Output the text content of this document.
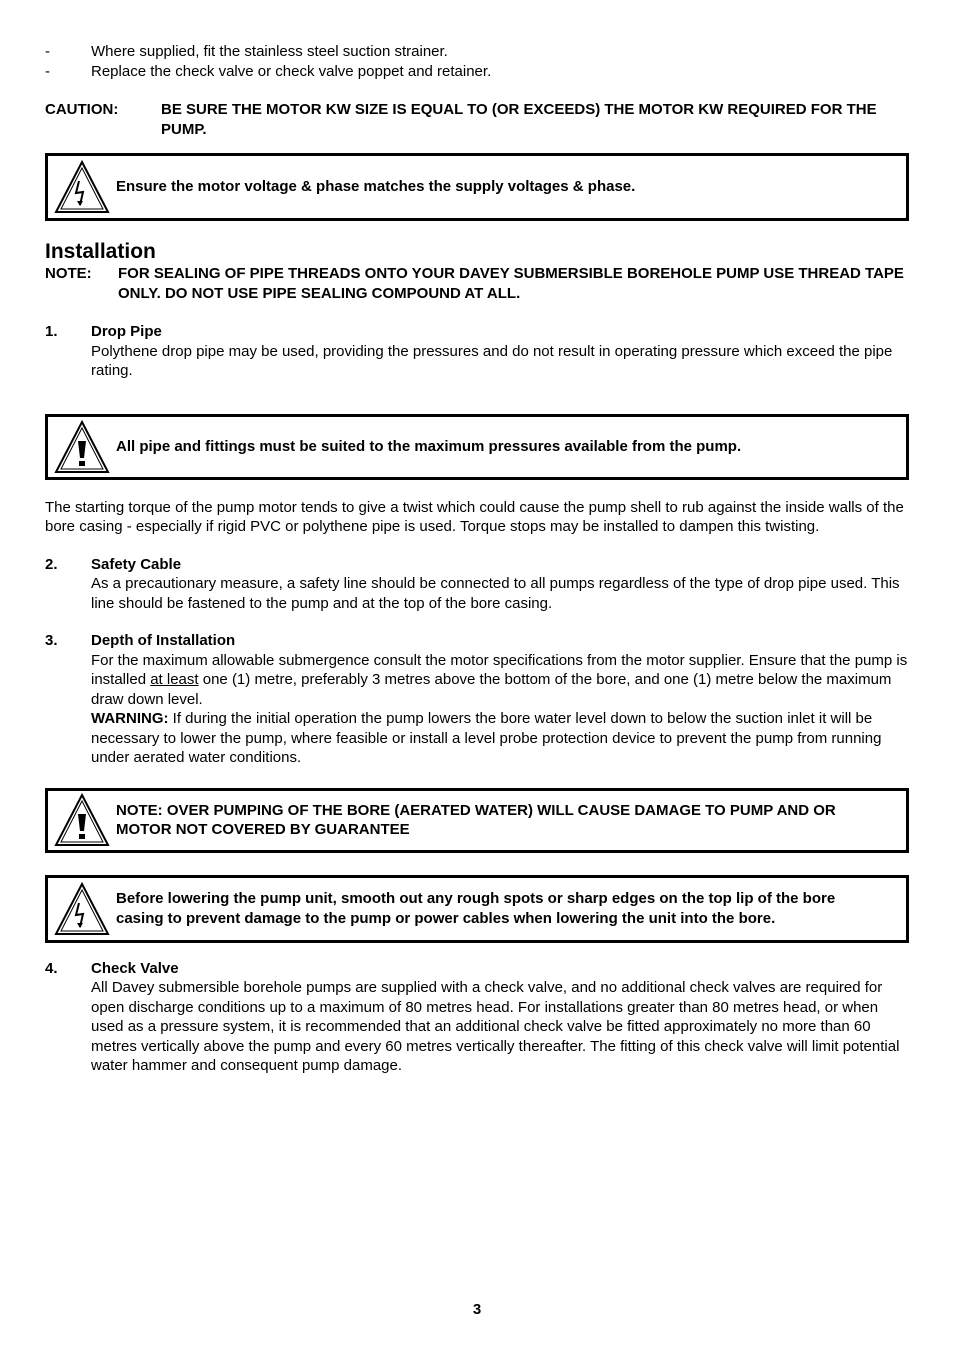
-	Where supplied, fit the stainless steel suction strainer.
-	Replace the check valve or check valve poppet and retainer.
CAUTION:	BE SURE THE MOTOR KW SIZE IS EQUAL TO (OR EXCEEDS) THE MOTOR KW REQUIRED FOR THE PUMP.
Ensure the motor voltage & phase matches the supply voltages & phase.
Installation
NOTE:	FOR SEALING OF PIPE THREADS ONTO YOUR DAVEY SUBMERSIBLE BOREHOLE PUMP USE THREAD TAPE ONLY. DO NOT USE PIPE SEALING COMPOUND AT ALL.
1.	Drop Pipe
Polythene drop pipe may be used, providing the pressures and do not result in operating pressure which exceed the pipe rating.
All pipe and fittings must be suited to the maximum pressures available from the pump.
The starting torque of the pump motor tends to give a twist which could cause the pump shell to rub against the inside walls of the bore casing - especially if rigid PVC or polythene pipe is used. Torque stops may be installed to dampen this twisting.
2.	Safety Cable
As a precautionary measure, a safety line should be connected to all pumps regardless of the type of drop pipe used. This line should be fastened to the pump and at the top of the bore casing.
3.	Depth of Installation
For the maximum allowable submergence consult the motor specifications from the motor supplier. Ensure that the pump is installed at least one (1) metre, preferably 3 metres above the bottom of the bore, and one (1) metre below the maximum draw down level.
WARNING: If during the initial operation the pump lowers the bore water level down to below the suction inlet it will be necessary to lower the pump, where feasible or install a level probe protection device to prevent the pump from running under aerated water conditions.
NOTE: OVER PUMPING OF THE BORE (AERATED WATER) WILL CAUSE DAMAGE TO PUMP AND OR MOTOR NOT COVERED BY GUARANTEE
Before lowering the pump unit, smooth out any rough spots or sharp edges on the top lip of the bore casing to prevent damage to the pump or power cables when lowering the unit into the bore.
4.	Check Valve
All Davey submersible borehole pumps are supplied with a check valve, and no additional check valves are required for open discharge conditions up to a maximum of 80 metres head. For installations greater than 80 metres head, or when used as a pressure system, it is recommended that an additional check valve be fitted approximately no more than 60 metres vertically above the pump and every 60 metres vertically thereafter. The fitting of this check valve will limit potential water hammer and consequent pump damage.
3
